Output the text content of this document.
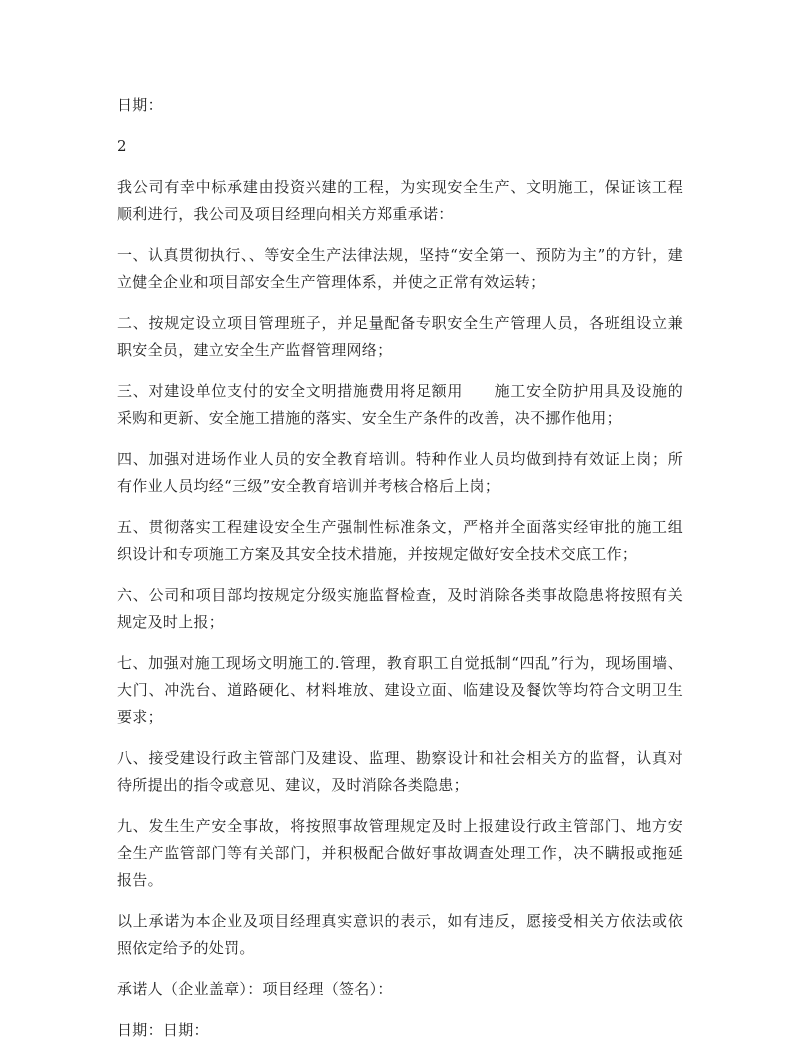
日期：

2

我公司有幸中标承建由投资兴建的工程，为实现安全生产、文明施工，保证该工程顺利进行，我公司及项目经理向相关方郑重承诺：

一、认真贯彻执行、、等安全生产法律法规，坚持“安全第一、预防为主”的方针，建立健全企业和项目部安全生产管理体系，并使之正常有效运转；

二、按规定设立项目管理班子，并足量配备专职安全生产管理人员，各班组设立兼职安全员，建立安全生产监督管理网络；

三、对建设单位支付的安全文明措施费用将足额用　　施工安全防护用具及设施的采购和更新、安全施工措施的落实、安全生产条件的改善，决不挪作他用；

四、加强对进场作业人员的安全教育培训。特种作业人员均做到持有效证上岗；所有作业人员均经“三级”安全教育培训并考核合格后上岗；

五、贯彻落实工程建设安全生产强制性标准条文，严格并全面落实经审批的施工组织设计和专项施工方案及其安全技术措施，并按规定做好安全技术交底工作；

六、公司和项目部均按规定分级实施监督检查，及时消除各类事故隐患将按照有关规定及时上报；

七、加强对施工现场文明施工的.管理，教育职工自觉抵制“四乱”行为，现场围墙、大门、冲洗台、道路硬化、材料堆放、建设立面、临建设及餐饮等均符合文明卫生要求；

八、接受建设行政主管部门及建设、监理、勘察设计和社会相关方的监督，认真对待所提出的指令或意见、建议，及时消除各类隐患；

九、发生生产安全事故，将按照事故管理规定及时上报建设行政主管部门、地方安全生产监管部门等有关部门，并积极配合做好事故调查处理工作，决不瞒报或拖延报告。

以上承诺为本企业及项目经理真实意识的表示，如有违反，愿接受相关方依法或依照依定给予的处罚。

承诺人（企业盖章）：项目经理（签名）：

日期：日期：
